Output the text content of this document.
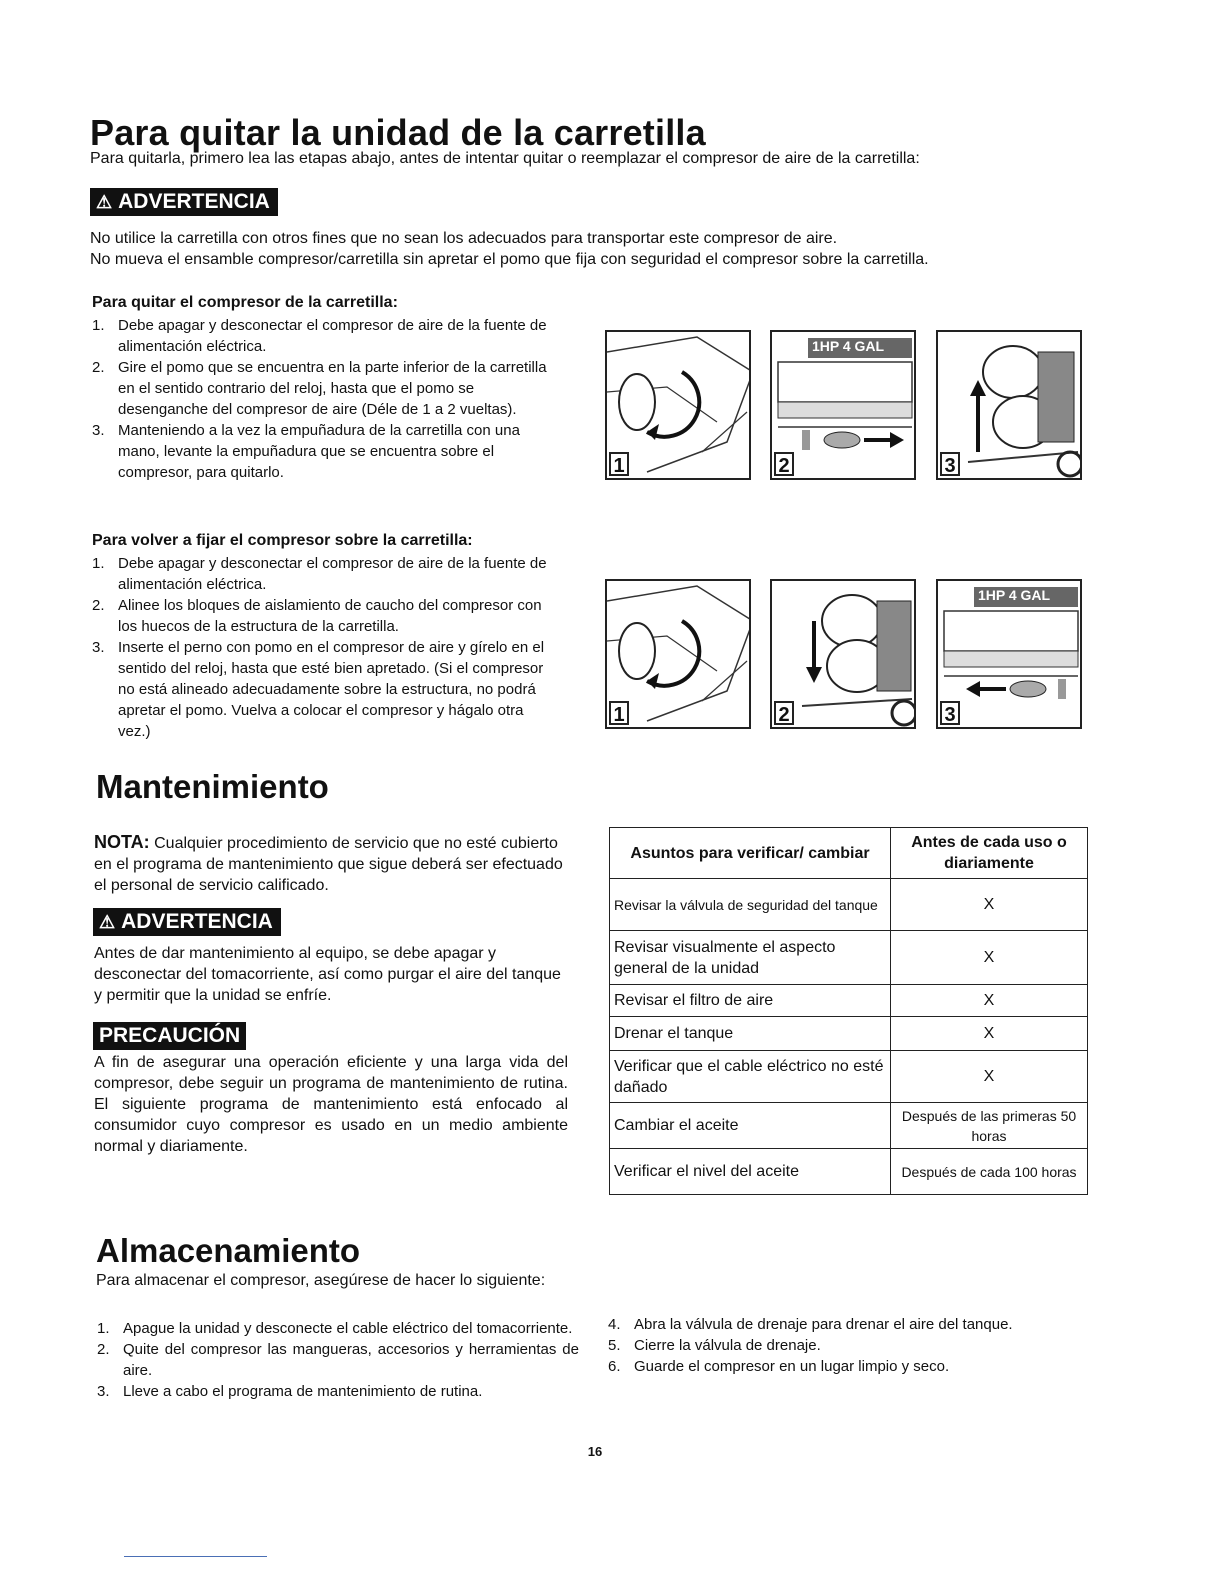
Para quitar la unidad de la carretilla
Para quitarla, primero lea las etapas abajo, antes de intentar quitar o reemplazar el compresor de aire de la carretilla:
⚠ ADVERTENCIA
No utilice la carretilla con otros fines que no sean los adecuados para transportar este compresor de aire.
No mueva el ensamble compresor/carretilla sin apretar el pomo que fija con seguridad el compresor sobre la carretilla.
Para quitar el compresor de la carretilla:
1. Debe apagar y desconectar el compresor de aire de la fuente de alimentación eléctrica.
2. Gire el pomo que se encuentra en la parte inferior de la carretilla en el sentido contrario del reloj, hasta que el pomo se desenganche del compresor de aire (Déle de 1 a 2 vueltas).
3. Manteniendo a la vez la empuñadura de la carretilla con una mano, levante la empuñadura que se encuentra sobre el compresor, para quitarlo.
Para volver a fijar el compresor sobre la carretilla:
1. Debe apagar y desconectar el compresor de aire de la fuente de alimentación eléctrica.
2. Alinee los bloques de aislamiento de caucho del compresor con los huecos de la estructura de la carretilla.
3. Inserte el perno con pomo en el compresor de aire y gírelo en el sentido del reloj, hasta que esté bien apretado. (Si el compresor no está alineado adecuadamente sobre la estructura, no podrá apretar el pomo. Vuelva a colocar el compresor y hágalo otra vez.)
1
1HP 4 GAL
2	3
1	2
1HP 4 GAL
3
Mantenimiento
NOTA: Cualquier procedimiento de servicio que no esté cubierto en el programa de mantenimiento que sigue deberá ser efectuado el personal de servicio calificado.
⚠ ADVERTENCIA
Antes de dar mantenimiento al equipo, se debe apagar y desconectar del tomacorriente, así como purgar el aire del tanque y permitir que la unidad se enfríe.
PRECAUCIÓN
A fin de asegurar una operación eficiente y una larga vida del compresor, debe seguir un programa de mantenimiento de rutina. El siguiente programa de mantenimiento está enfocado al consumidor cuyo compresor es usado en un medio ambiente normal y diariamente.
Asuntos para verificar/ cambiar	Antes de cada uso o diariamente
Revisar la válvula de seguridad del tanque	X
Revisar visualmente el aspecto general de la unidad	X
Revisar el filtro de aire	X
Drenar el tanque	X
Verificar que el cable eléctrico no esté dañado	X
Cambiar el aceite	Después de las primeras 50 horas
Verificar el nivel del aceite	Después de cada 100 horas
Almacenamiento
Para almacenar el compresor, asegúrese de hacer lo siguiente:
1. Apague la unidad y desconecte el cable eléctrico del tomacorriente.
2. Quite del compresor las mangueras, accesorios y herramientas de aire.
3. Lleve a cabo el programa de mantenimiento de rutina.
4. Abra la válvula de drenaje para drenar el aire del tanque.
5. Cierre la válvula de drenaje.
6. Guarde el compresor en un lugar limpio y seco.
16
